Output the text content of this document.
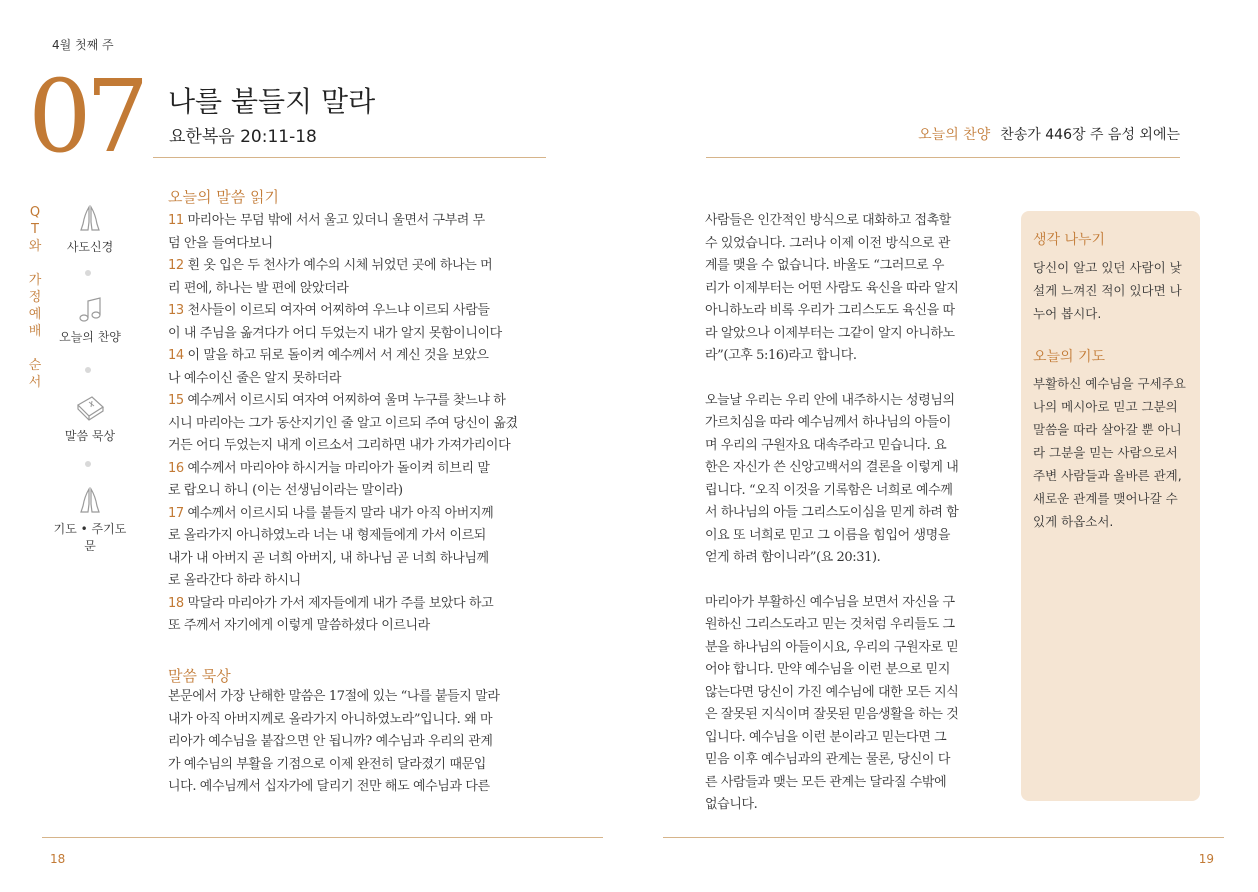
4월 첫째 주
07 나를 붙들지 말라
요한복음 20:11-18	오늘의 찬양 찬송가 446장 주 음성 외에는
Q
T
와
가
정
예
배
순
서
사도신경
오늘의 찬양
말씀 묵상
기도 • 주기도문
오늘의 말씀 읽기
11 마리아는 무덤 밖에 서서 울고 있더니 울면서 구부려 무
덤 안을 들여다보니
12 흰 옷 입은 두 천사가 예수의 시체 뉘었던 곳에 하나는 머
리 편에, 하나는 발 편에 앉았더라
13 천사들이 이르되 여자여 어찌하여 우느냐 이르되 사람들
이 내 주님을 옮겨다가 어디 두었는지 내가 알지 못함이니이다
14 이 말을 하고 뒤로 돌이켜 예수께서 서 계신 것을 보았으
나 예수이신 줄은 알지 못하더라
15 예수께서 이르시되 여자여 어찌하여 울며 누구를 찾느냐 하
시니 마리아는 그가 동산지기인 줄 알고 이르되 주여 당신이 옮겼
거든 어디 두었는지 내게 이르소서 그리하면 내가 가져가리이다
16 예수께서 마리아야 하시거늘 마리아가 돌이켜 히브리 말
로 랍오니 하니 (이는 선생님이라는 말이라)
17 예수께서 이르시되 나를 붙들지 말라 내가 아직 아버지께
로 올라가지 아니하였노라 너는 내 형제들에게 가서 이르되
내가 내 아버지 곧 너희 아버지, 내 하나님 곧 너희 하나님께
로 올라간다 하라 하시니
18 막달라 마리아가 가서 제자들에게 내가 주를 보았다 하고
또 주께서 자기에게 이렇게 말씀하셨다 이르니라
말씀 묵상
본문에서 가장 난해한 말씀은 17절에 있는 “나를 붙들지 말라
내가 아직 아버지께로 올라가지 아니하였노라”입니다. 왜 마
리아가 예수님을 붙잡으면 안 됩니까? 예수님과 우리의 관계
가 예수님의 부활을 기점으로 이제 완전히 달라졌기 때문입
니다. 예수님께서 십자가에 달리기 전만 해도 예수님과 다른
사람들은 인간적인 방식으로 대화하고 접촉할
수 있었습니다. 그러나 이제 이전 방식으로 관
계를 맺을 수 없습니다. 바울도 “그러므로 우
리가 이제부터는 어떤 사람도 육신을 따라 알지
아니하노라 비록 우리가 그리스도도 육신을 따
라 알았으나 이제부터는 그같이 알지 아니하노
라”(고후 5:16)라고 합니다.
오늘날 우리는 우리 안에 내주하시는 성령님의
가르치심을 따라 예수님께서 하나님의 아들이
며 우리의 구원자요 대속주라고 믿습니다. 요
한은 자신가 쓴 신앙고백서의 결론을 이렇게 내
립니다. “오직 이것을 기록함은 너희로 예수께
서 하나님의 아들 그리스도이심을 믿게 하려 함
이요 또 너희로 믿고 그 이름을 힘입어 생명을
얻게 하려 함이니라”(요 20:31).
마리아가 부활하신 예수님을 보면서 자신을 구
원하신 그리스도라고 믿는 것처럼 우리들도 그
분을 하나님의 아들이시요, 우리의 구원자로 믿
어야 합니다. 만약 예수님을 이런 분으로 믿지
않는다면 당신이 가진 예수님에 대한 모든 지식
은 잘못된 지식이며 잘못된 믿음생활을 하는 것
입니다. 예수님을 이런 분이라고 믿는다면 그
믿음 이후 예수님과의 관계는 물론, 당신이 다
른 사람들과 맺는 모든 관계는 달라질 수밖에
없습니다.
생각 나누기
당신이 알고 있던 사람이 낯
설게 느껴진 적이 있다면 나
누어 봅시다.
오늘의 기도
부활하신 예수님을 구세주요
나의 메시아로 믿고 그분의
말씀을 따라 살아갈 뿐 아니
라 그분을 믿는 사람으로서
주변 사람들과 올바른 관계,
새로운 관계를 맺어나갈 수
있게 하옵소서.
18	19
